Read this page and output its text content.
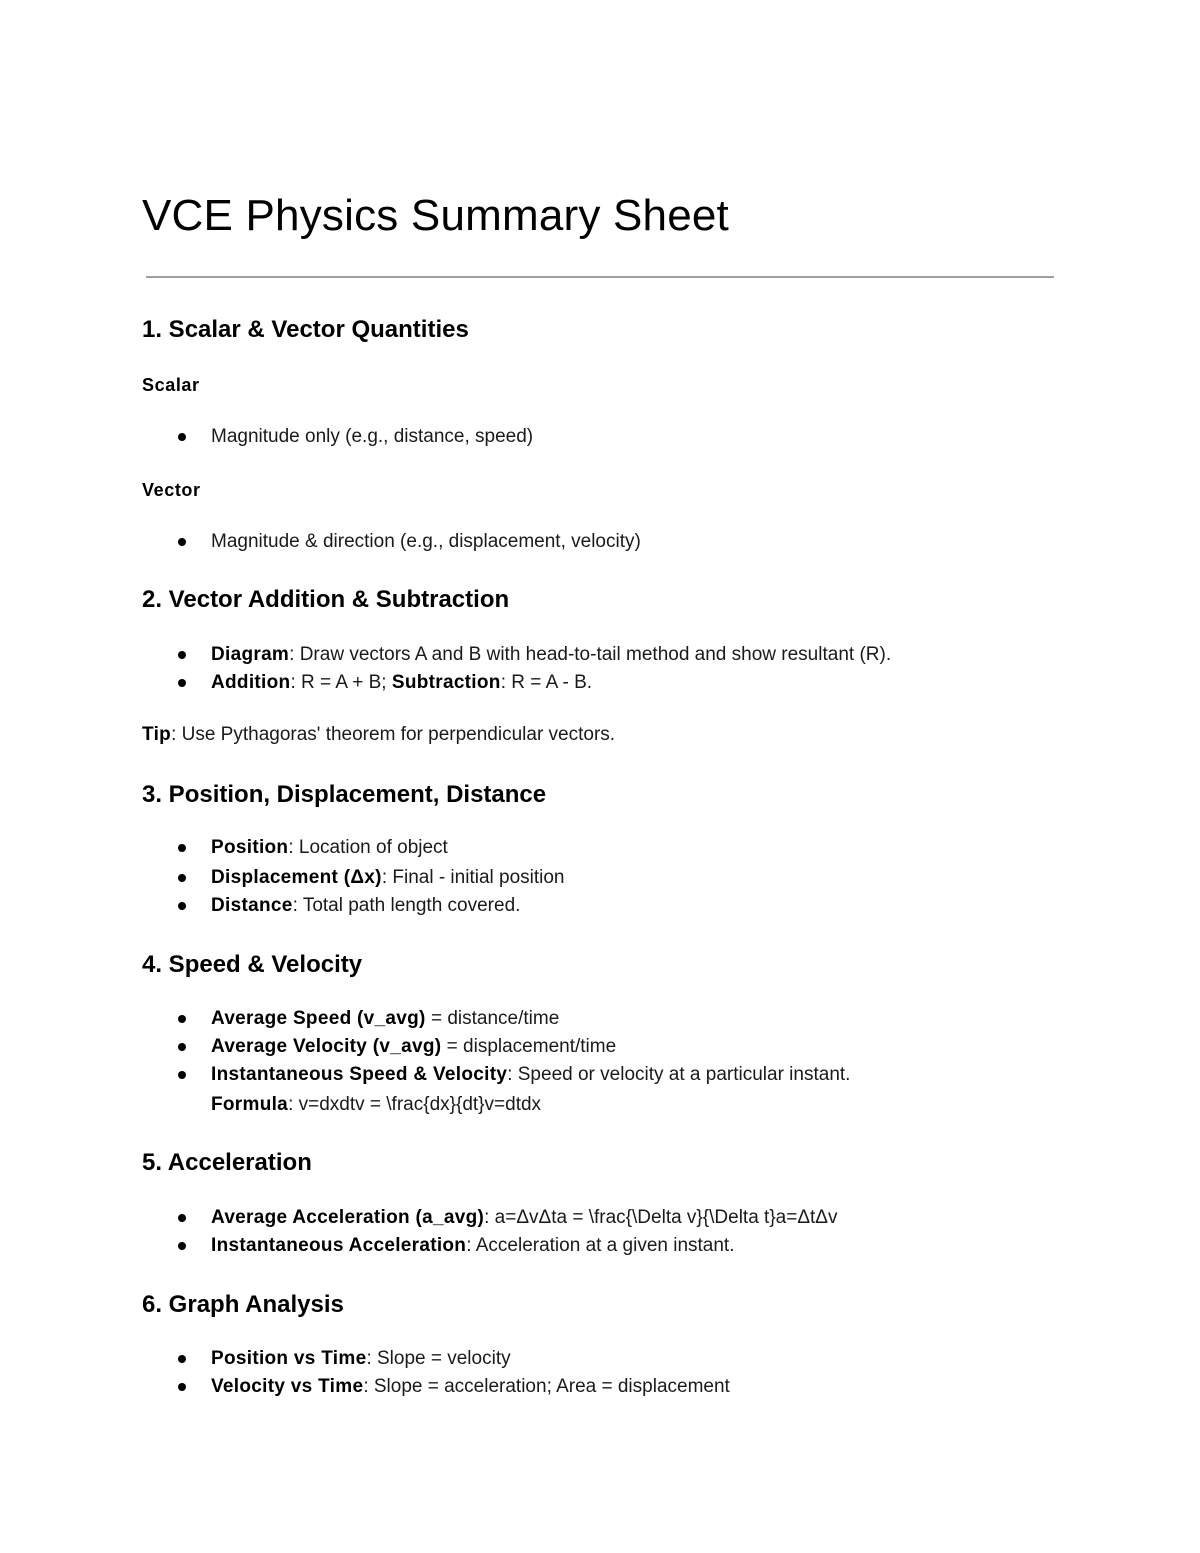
VCE Physics Summary Sheet
1. Scalar & Vector Quantities
Scalar

Magnitude only (e.g., distance, speed)

Vector

Magnitude & direction (e.g., displacement, velocity)

2. Vector Addition & Subtraction

Diagram: Draw vectors A and B with head-to-tail method and show resultant (R).

Addition: R = A + B; Subtraction: R = A - B.

Tip: Use Pythagoras' theorem for perpendicular vectors.

3. Position, Displacement, Distance

Position: Location of object

Displacement (Δx): Final - initial position

Distance: Total path length covered.

4. Speed & Velocity

Average Speed (v_avg) = distance/time

Average Velocity (v_avg) = displacement/time

Instantaneous Speed & Velocity: Speed or velocity at a particular instant.

Formula: v=dxdtv = \frac{dx}{dt}v=dtdx

5. Acceleration

Average Acceleration (a_avg): a=ΔvΔta = \frac{\Delta v}{\Delta t}a=ΔtΔv

Instantaneous Acceleration: Acceleration at a given instant.

6. Graph Analysis

Position vs Time: Slope = velocity

Velocity vs Time: Slope = acceleration; Area = displacement
